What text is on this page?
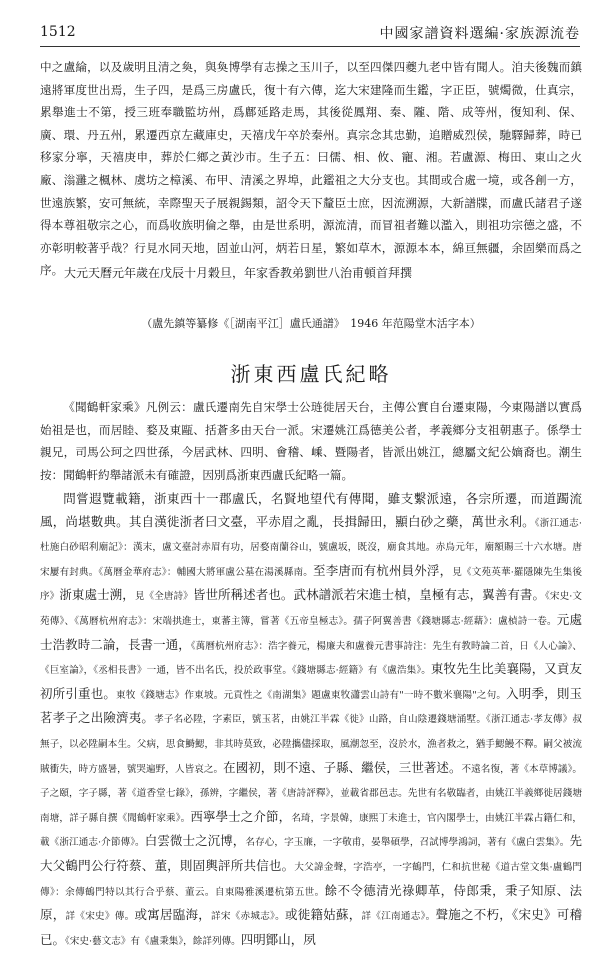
1512	中國家譜資料選編·家族源流卷

中之盧綸，以及歲明且清之奐，與奐博學有志操之玉川子，以至四傑四夔九老中皆有聞人。洎夫後魏而鎮遠將軍度世出焉，生子四，是爲三房盧氏，復十有六傳，迄大宋建隆而生鑑，字正臣，號燭微，仕真宗，累舉進士不第，授三班奉職監坊州，爲鄜延路走馬，其後從鳳翔、秦、隴、階、成等州，復知利、保、廣、環、丹五州，累遷西京左藏庫史，天禧戊午卒於秦州。真宗念其忠勤，追贈威烈侯，馳驛歸葬，時已移家分寧，天禧庚申，葬於仁鄉之黃沙市。生子五：曰儒、相、攸、寵、湘。若盧源、梅田、東山之火廠、滃灉之楓林、虞坊之樟溪、布甲、清溪之界埠，此鑑祖之大分支也。其間或合處一境，或各創一方，世遠族繁，安可無統，幸際聖天子展親錫類，詔令天下釐臣士庶，因流溯源，大新譜牒，而盧氏諸君子遂得本尊祖敬宗之心，而爲收族明倫之舉，由是世系明，源流清，而冒祖者難以濫入，則祖功宗德之盛，不亦彰明較著乎哉？行見水同天地，固並山河，炳若日星，繁如草木，源源本本，綿亘無疆，余固樂而爲之序。 大元天曆元年歲在戊辰十月穀旦，年家香教弟劉世八治甫頓首拜撰
（盧先鎮等纂修《［湖南平江］盧氏通譜》　1946 年范陽堂木活字本）
浙東西盧氏紀略

《聞鶴軒家乘》凡例云：盧氏遷南先自宋學士公琏徙居天台，主傳公實自台遷東陽，今東陽譜以實爲始祖是也，而居睦、婺及東甌、括蒼多由天台一派。宋遷姚江爲德美公者，孝義鄉分支祖朝惠子。係學士親兄，司馬公珂之四世孫，今居武林、四明、會稽、嵊、暨陽者，皆派出姚江，總屬文紀公嫡裔也。潮生按：聞鶴軒約舉諸派未有確證，因別爲浙東西盧氏紀略一篇。

問嘗遐覽載籍，浙東西十一郡盧氏，名賢地望代有傳聞，雖支繫派遠，各宗所遷，而道躅流風，尚堪數典。其自漢徙浙者曰文臺，平赤眉之亂，長揖歸田，顯白砂之藥，萬世永利。《浙江通志·杜施白砂昭利廟記》：漢末，盧文臺討赤眉有功，居婺南蘭谷山，號盧坂，既沒，廟食其地。赤烏元年，廟額賜三十六水塘。唐宋屢有封典。《萬曆金華府志》：輔國大將軍盧公墓在湯溪縣南。至李唐而有杭州員外浮，見《文苑英華·羅隱陳先生集後序》浙東處士溯，見《全唐詩》皆世所稱述者也。武林譜派若宋進士楨，皇極有志，翼善有書。《宋史·文苑傳》、《萬曆杭州府志》：宋端拱進士，東蕃主簿，嘗著《五帝皇極志》。孺子阿翼善書《錢塘縣志·經藉》：盧楨詩一卷。元處士浩教時二論，長書一通，《萬曆杭州府志》：浩字養元，楊廉夫和盧養元書事詩注：先生有教時論二首，日《人心論》、《巨室論》，《丞相長書》一通，皆不出名氏，投於政事堂。《錢塘縣志·經籍》有《盧浩集》。東牧先生比美襄陽，又貢友初所引重也。東牧《錢塘志》作東坡。元貢性之《南湖集》題盧東牧瀟雲山詩有"一時不數米襄陽"之句。入明季，則玉茗孝子之出險濟夷。孝子名必陞，字素臣，號玉茗，由姚江半霖《徙》山路，自山陰遷錢塘涌墅。《浙江通志·孝友傳》叔無子，以必陞嗣本生。父病，思食鰣鰓，非其時莫致，必陞攜儘採取，風潮忽至，沒於水，漁者救之，猶手鰓鰻不釋。嗣父被流賊衝失，時方盛暑，號哭遍野，人皆哀之。在國初，則不遠、子縣、繼侯，三世著述。不遠名復，著《本草博議》。子之頤，字子縣，著《道香堂七錄》，孫辨，字繼侯，著《唐詩評釋》，並載省郡邑志。先世有名敬臨者，由姚江半義鄉徙居錢塘南塘，詳子縣自撰《聞鶴軒家乘》。西寧學士之介節，名琦，字景韓，康熙丁未進士，官內閣學士，由姚江半霖占籍仁和，載《浙江通志·介節傳》。白雲微士之沉博，名存心，字玉廉，一字敬甫，晏舉碩學，召試博學鴻詞，著有《盧白雲集》。先大父鶴門公行符蔡、董，則固輿評所共信也。大父諱金聲，字浩亭，一字鶴門，仁和抗世秘《道古堂文集·盧鶴門傳》：余傳鶴門特以其行合乎蔡、董云。自東陽雅溪遷杭第五世。餘不令德清光祿卿革，侍郎秉，秉子知原、法原，詳《宋史》傳。或寓居臨海，詳宋《赤城志》。或徙籍姑蘇，詳《江南通志》。聲施之不朽，《宋史》可稽已。《宋史·藝文志》有《盧秉集》，餘詳列傳。四明鄮山，夙
